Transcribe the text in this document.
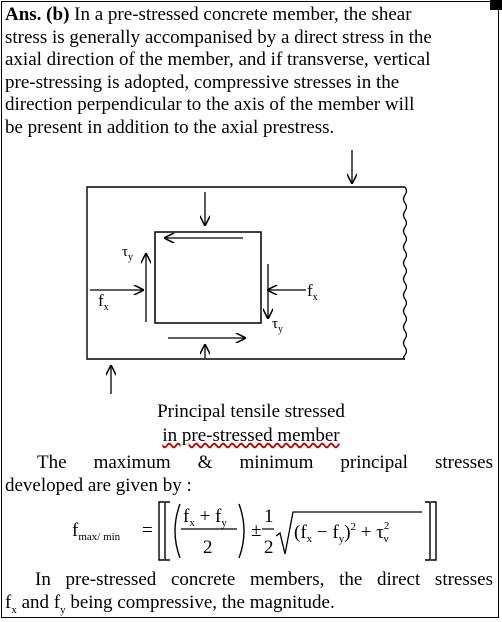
Ans. (b) In a pre-stressed concrete member, the shear
stress is generally accompanised by a direct stress in the
axial direction of the member, and if transverse, vertical
pre-stressing is adopted, compressive stresses in the
direction perpendicular to the axis of the member will
be present in addition to the axial prestress.

$\tau_y$
$f_x$
$f_x$
$\tau_y$
Principal tensile stressed
in pre-stressed member

The maximum & minimum principal stresses
developed are given by :

$f_{max/ min}$ =
$f_x + f_y$
2
±
1
2
$(f_x - f_y)^2 + \tau^2$ v

In pre-stressed concrete members, the direct stresses
$f_x$ and $f_y$ being compressive, the magnitude.
